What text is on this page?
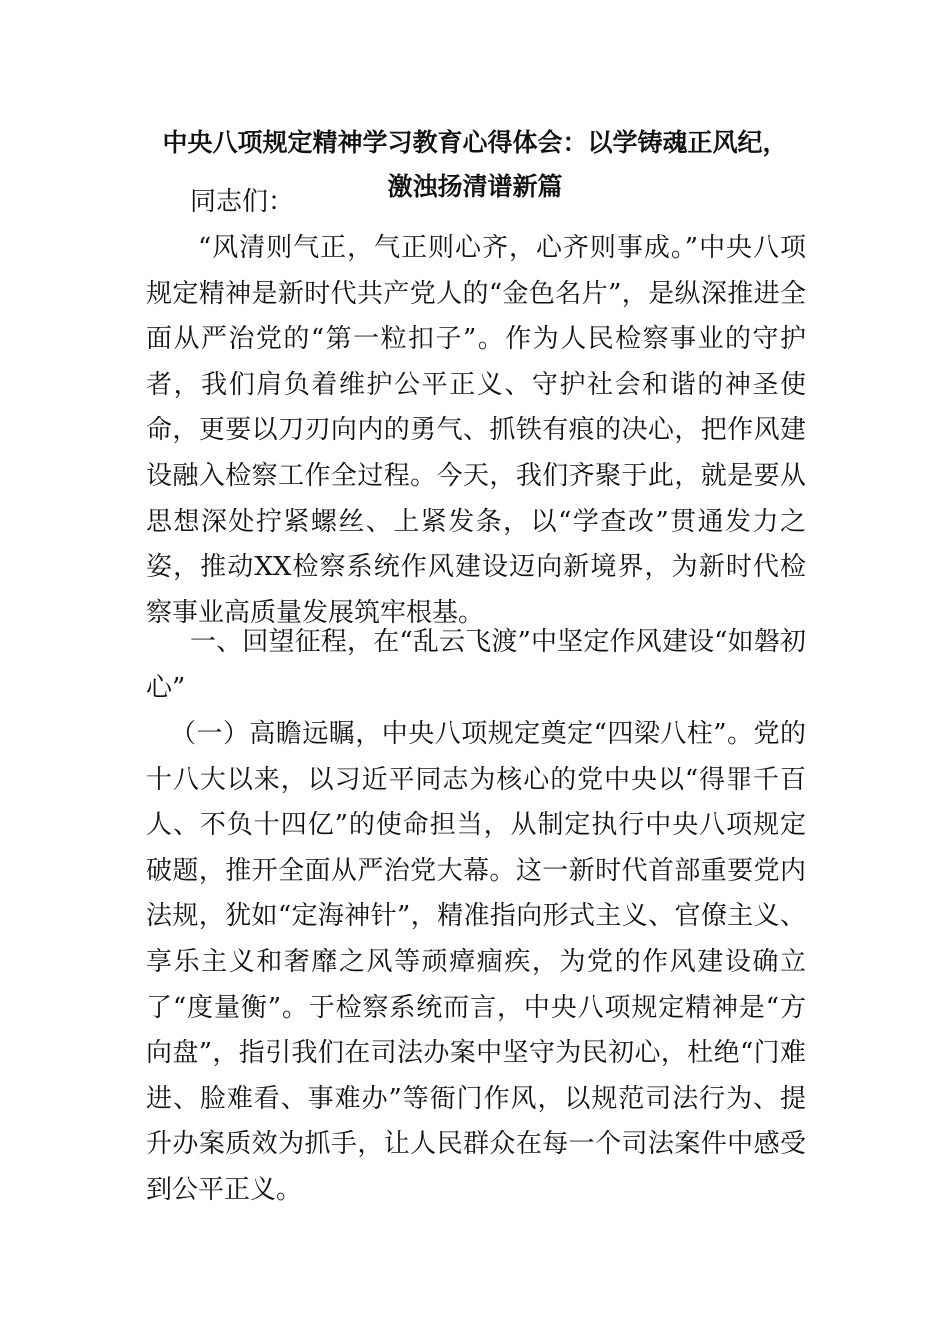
中央八项规定精神学习教育心得体会：以学铸魂正风纪，
激浊扬清谱新篇

同志们：

“风清则气正，气正则心齐，心齐则事成。”中央八项规定精神是新时代共产党人的“金色名片”，是纵深推进全面从严治党的“第一粒扣子”。作为人民检察事业的守护者，我们肩负着维护公平正义、守护社会和谐的神圣使命，更要以刀刃向内的勇气、抓铁有痕的决心，把作风建设融入检察工作全过程。今天，我们齐聚于此，就是要从思想深处拧紧螺丝、上紧发条，以“学查改”贯通发力之姿，推动XX检察系统作风建设迈向新境界，为新时代检察事业高质量发展筑牢根基。

一、回望征程，在“乱云飞渡”中坚定作风建设“如磐初心”

（一）高瞻远瞩，中央八项规定奠定“四梁八柱”。党的十八大以来，以习近平同志为核心的党中央以“得罪千百人、不负十四亿”的使命担当，从制定执行中央八项规定破题，推开全面从严治党大幕。这一新时代首部重要党内法规，犹如“定海神针”，精准指向形式主义、官僚主义、享乐主义和奢靡之风等顽瘴痼疾，为党的作风建设确立了“度量衡”。于检察系统而言，中央八项规定精神是“方向盘”，指引我们在司法办案中坚守为民初心，杜绝“门难进、脸难看、事难办”等衙门作风，以规范司法行为、提升办案质效为抓手，让人民群众在每一个司法案件中感受到公平正义。
